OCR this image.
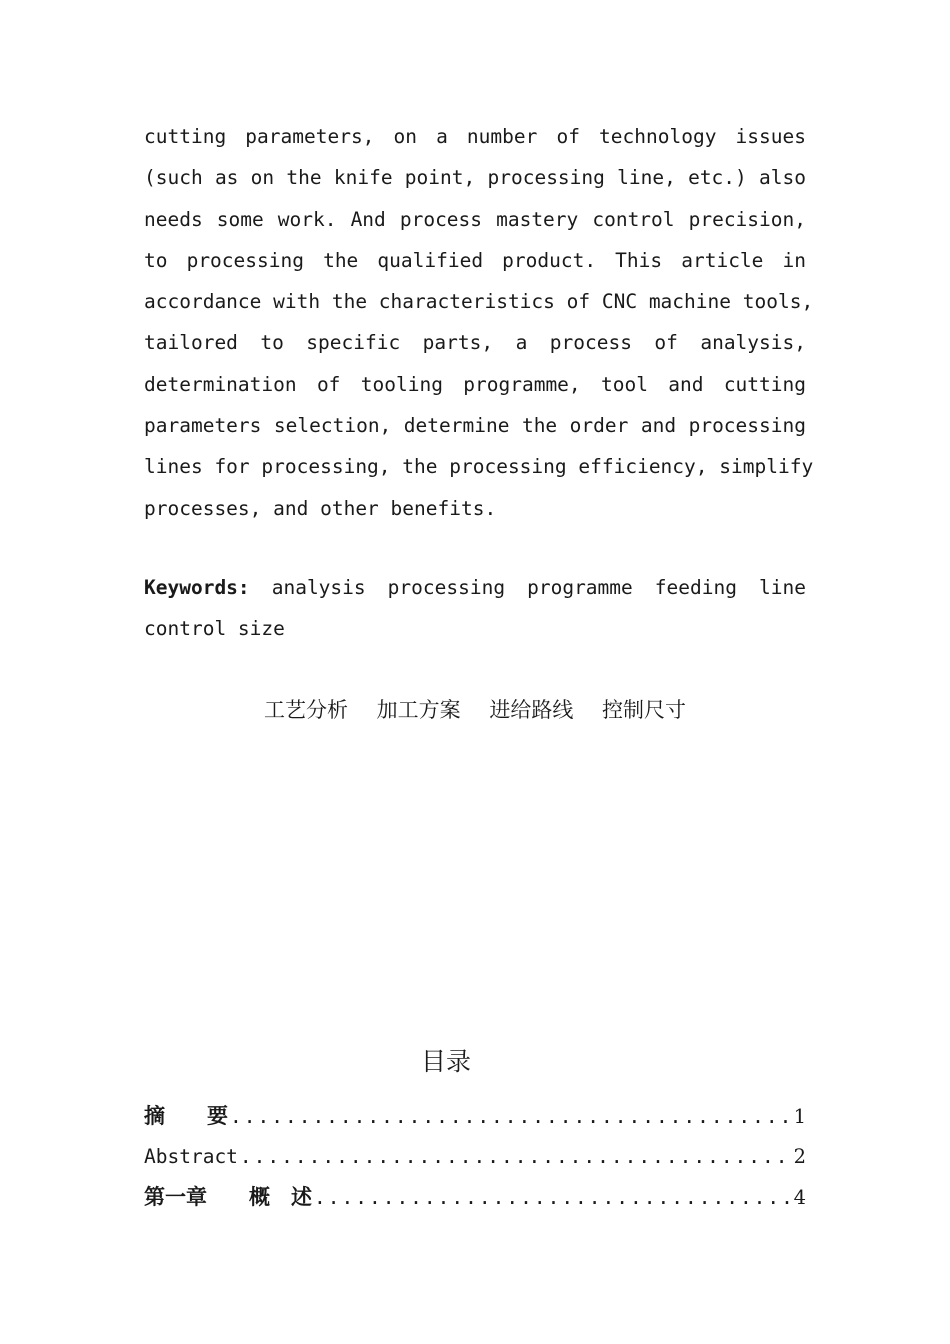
cutting parameters, on a number of technology issues
(such as on the knife point, processing line, etc.) also
needs some work. And process mastery control precision,
to processing the qualified product. This article in
accordance with the characteristics of CNC machine tools,
tailored to specific parts, a process of analysis,
determination of tooling programme, tool and cutting
parameters selection, determine the order and processing
lines for processing, the processing efficiency, simplify
processes, and other benefits.
Keywords: analysis processing programme feeding line
control size
工艺分析 加工方案 进给路线 控制尺寸
目录
摘　　要 .....	1
Abstract .....	2
第一章　　概　述 .....	4
